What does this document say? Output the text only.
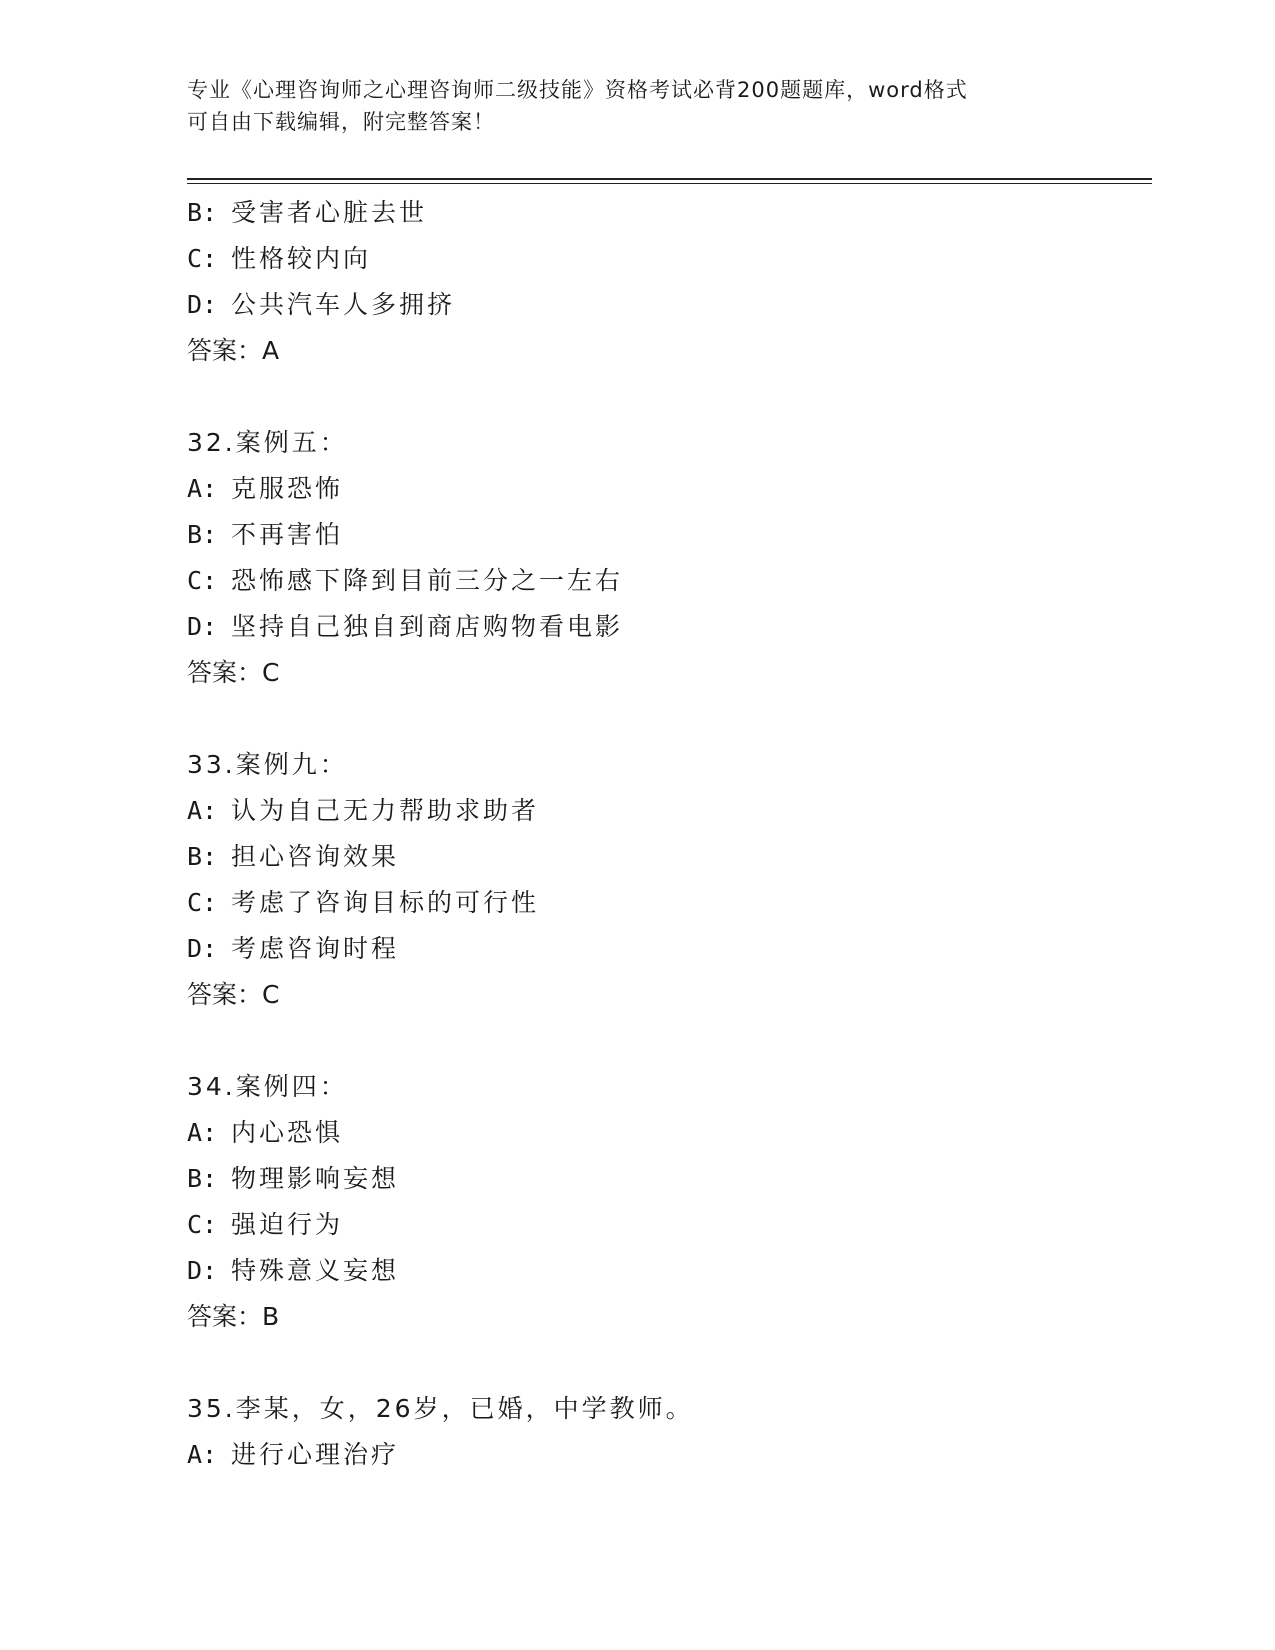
专业《心理咨询师之心理咨询师二级技能》资格考试必背200题题库，word格式
可自由下载编辑，附完整答案！
B: 受害者心脏去世
C: 性格较内向
D: 公共汽车人多拥挤
答案：A
32.案例五：
A: 克服恐怖
B: 不再害怕
C: 恐怖感下降到目前三分之一左右
D: 坚持自己独自到商店购物看电影
答案：C
33.案例九：
A: 认为自己无力帮助求助者
B: 担心咨询效果
C: 考虑了咨询目标的可行性
D: 考虑咨询时程
答案：C
34.案例四：
A: 内心恐惧
B: 物理影响妄想
C: 强迫行为
D: 特殊意义妄想
答案：B
35.李某，女，26岁，已婚，中学教师。
A: 进行心理治疗
